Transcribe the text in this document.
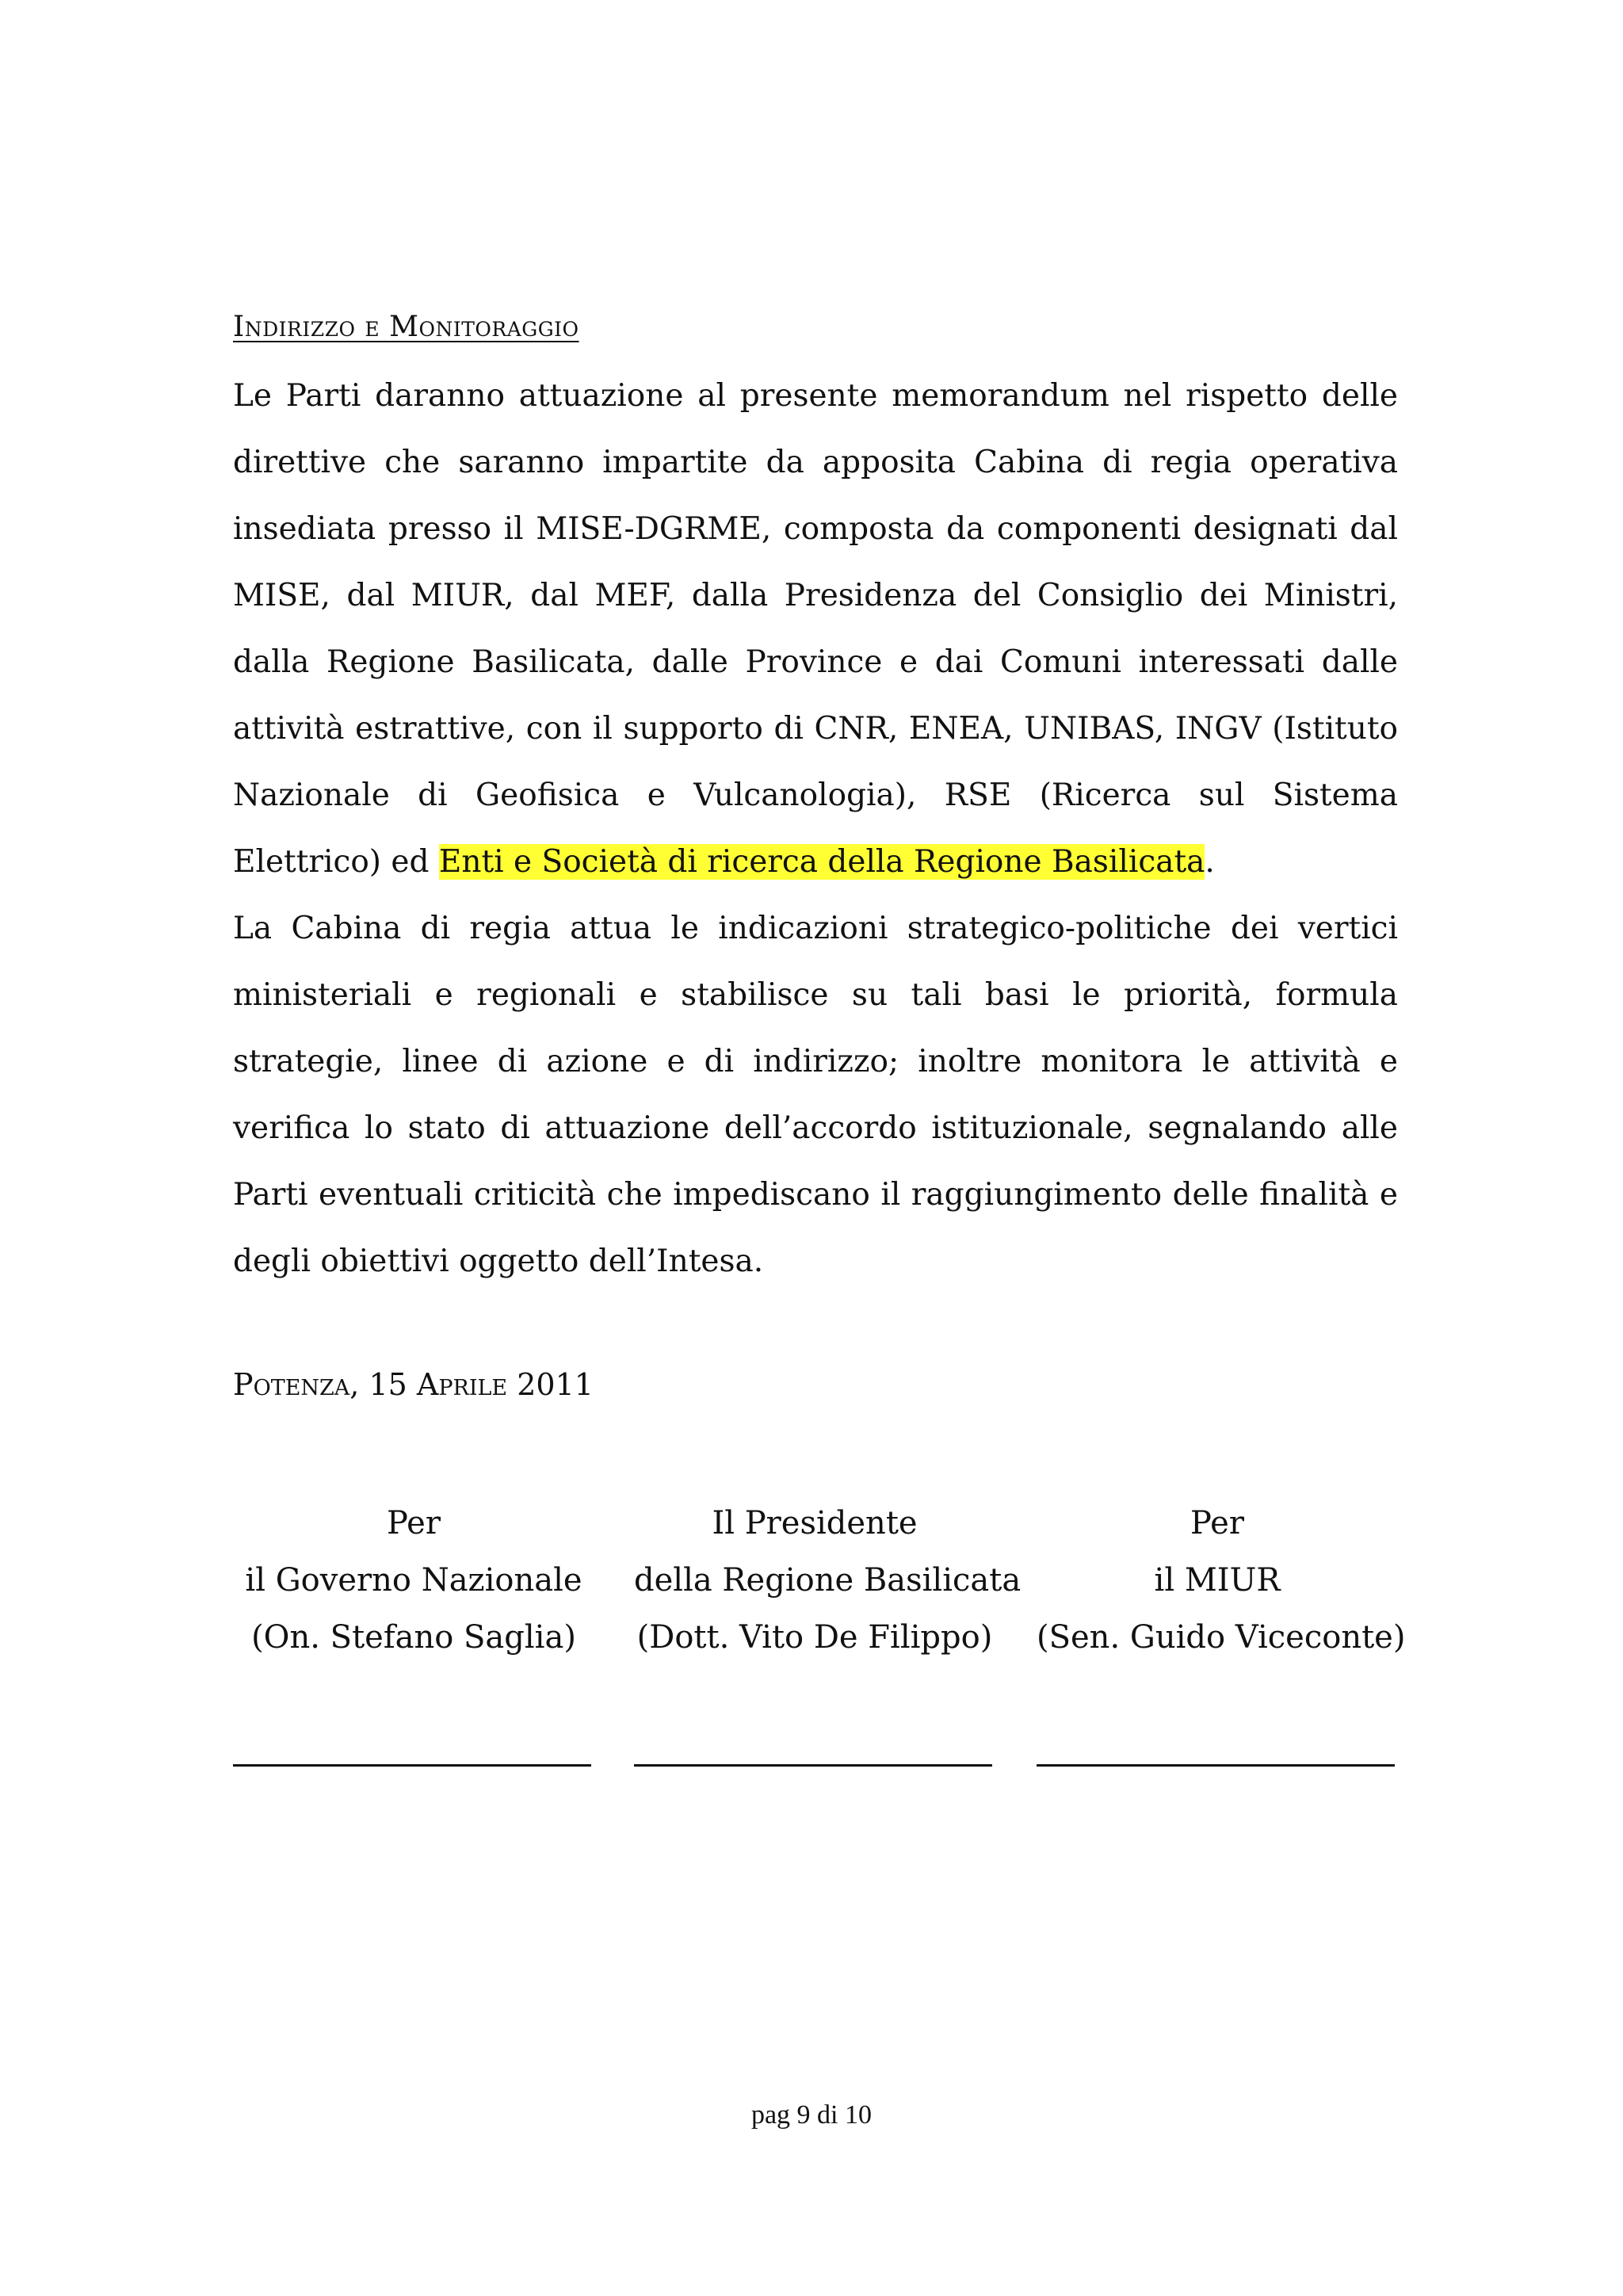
Indirizzo e Monitoraggio
Le Parti daranno attuazione al presente memorandum nel rispetto delle direttive che saranno impartite da apposita Cabina di regia operativa insediata presso il MISE-DGRME, composta da componenti designati dal MISE, dal MIUR, dal MEF, dalla Presidenza del Consiglio dei Ministri, dalla Regione Basilicata, dalle Province e dai Comuni interessati dalle attività estrattive, con il supporto di CNR, ENEA, UNIBAS, INGV (Istituto Nazionale di Geofisica e Vulcanologia), RSE (Ricerca sul Sistema Elettrico) ed Enti e Società di ricerca della Regione Basilicata.
La Cabina di regia attua le indicazioni strategico-politiche dei vertici ministeriali e regionali e stabilisce su tali basi le priorità, formula strategie, linee di azione e di indirizzo; inoltre monitora le attività e verifica lo stato di attuazione dell’accordo istituzionale, segnalando alle Parti eventuali criticità che impediscano il raggiungimento delle finalità e degli obiettivi oggetto dell’Intesa.
Potenza, 15 Aprile 2011
Per
il Governo Nazionale
(On. Stefano Saglia)
Il Presidente
della Regione Basilicata
(Dott. Vito De Filippo)
Per
il MIUR
(Sen. Guido Viceconte)
pag 9 di 10
